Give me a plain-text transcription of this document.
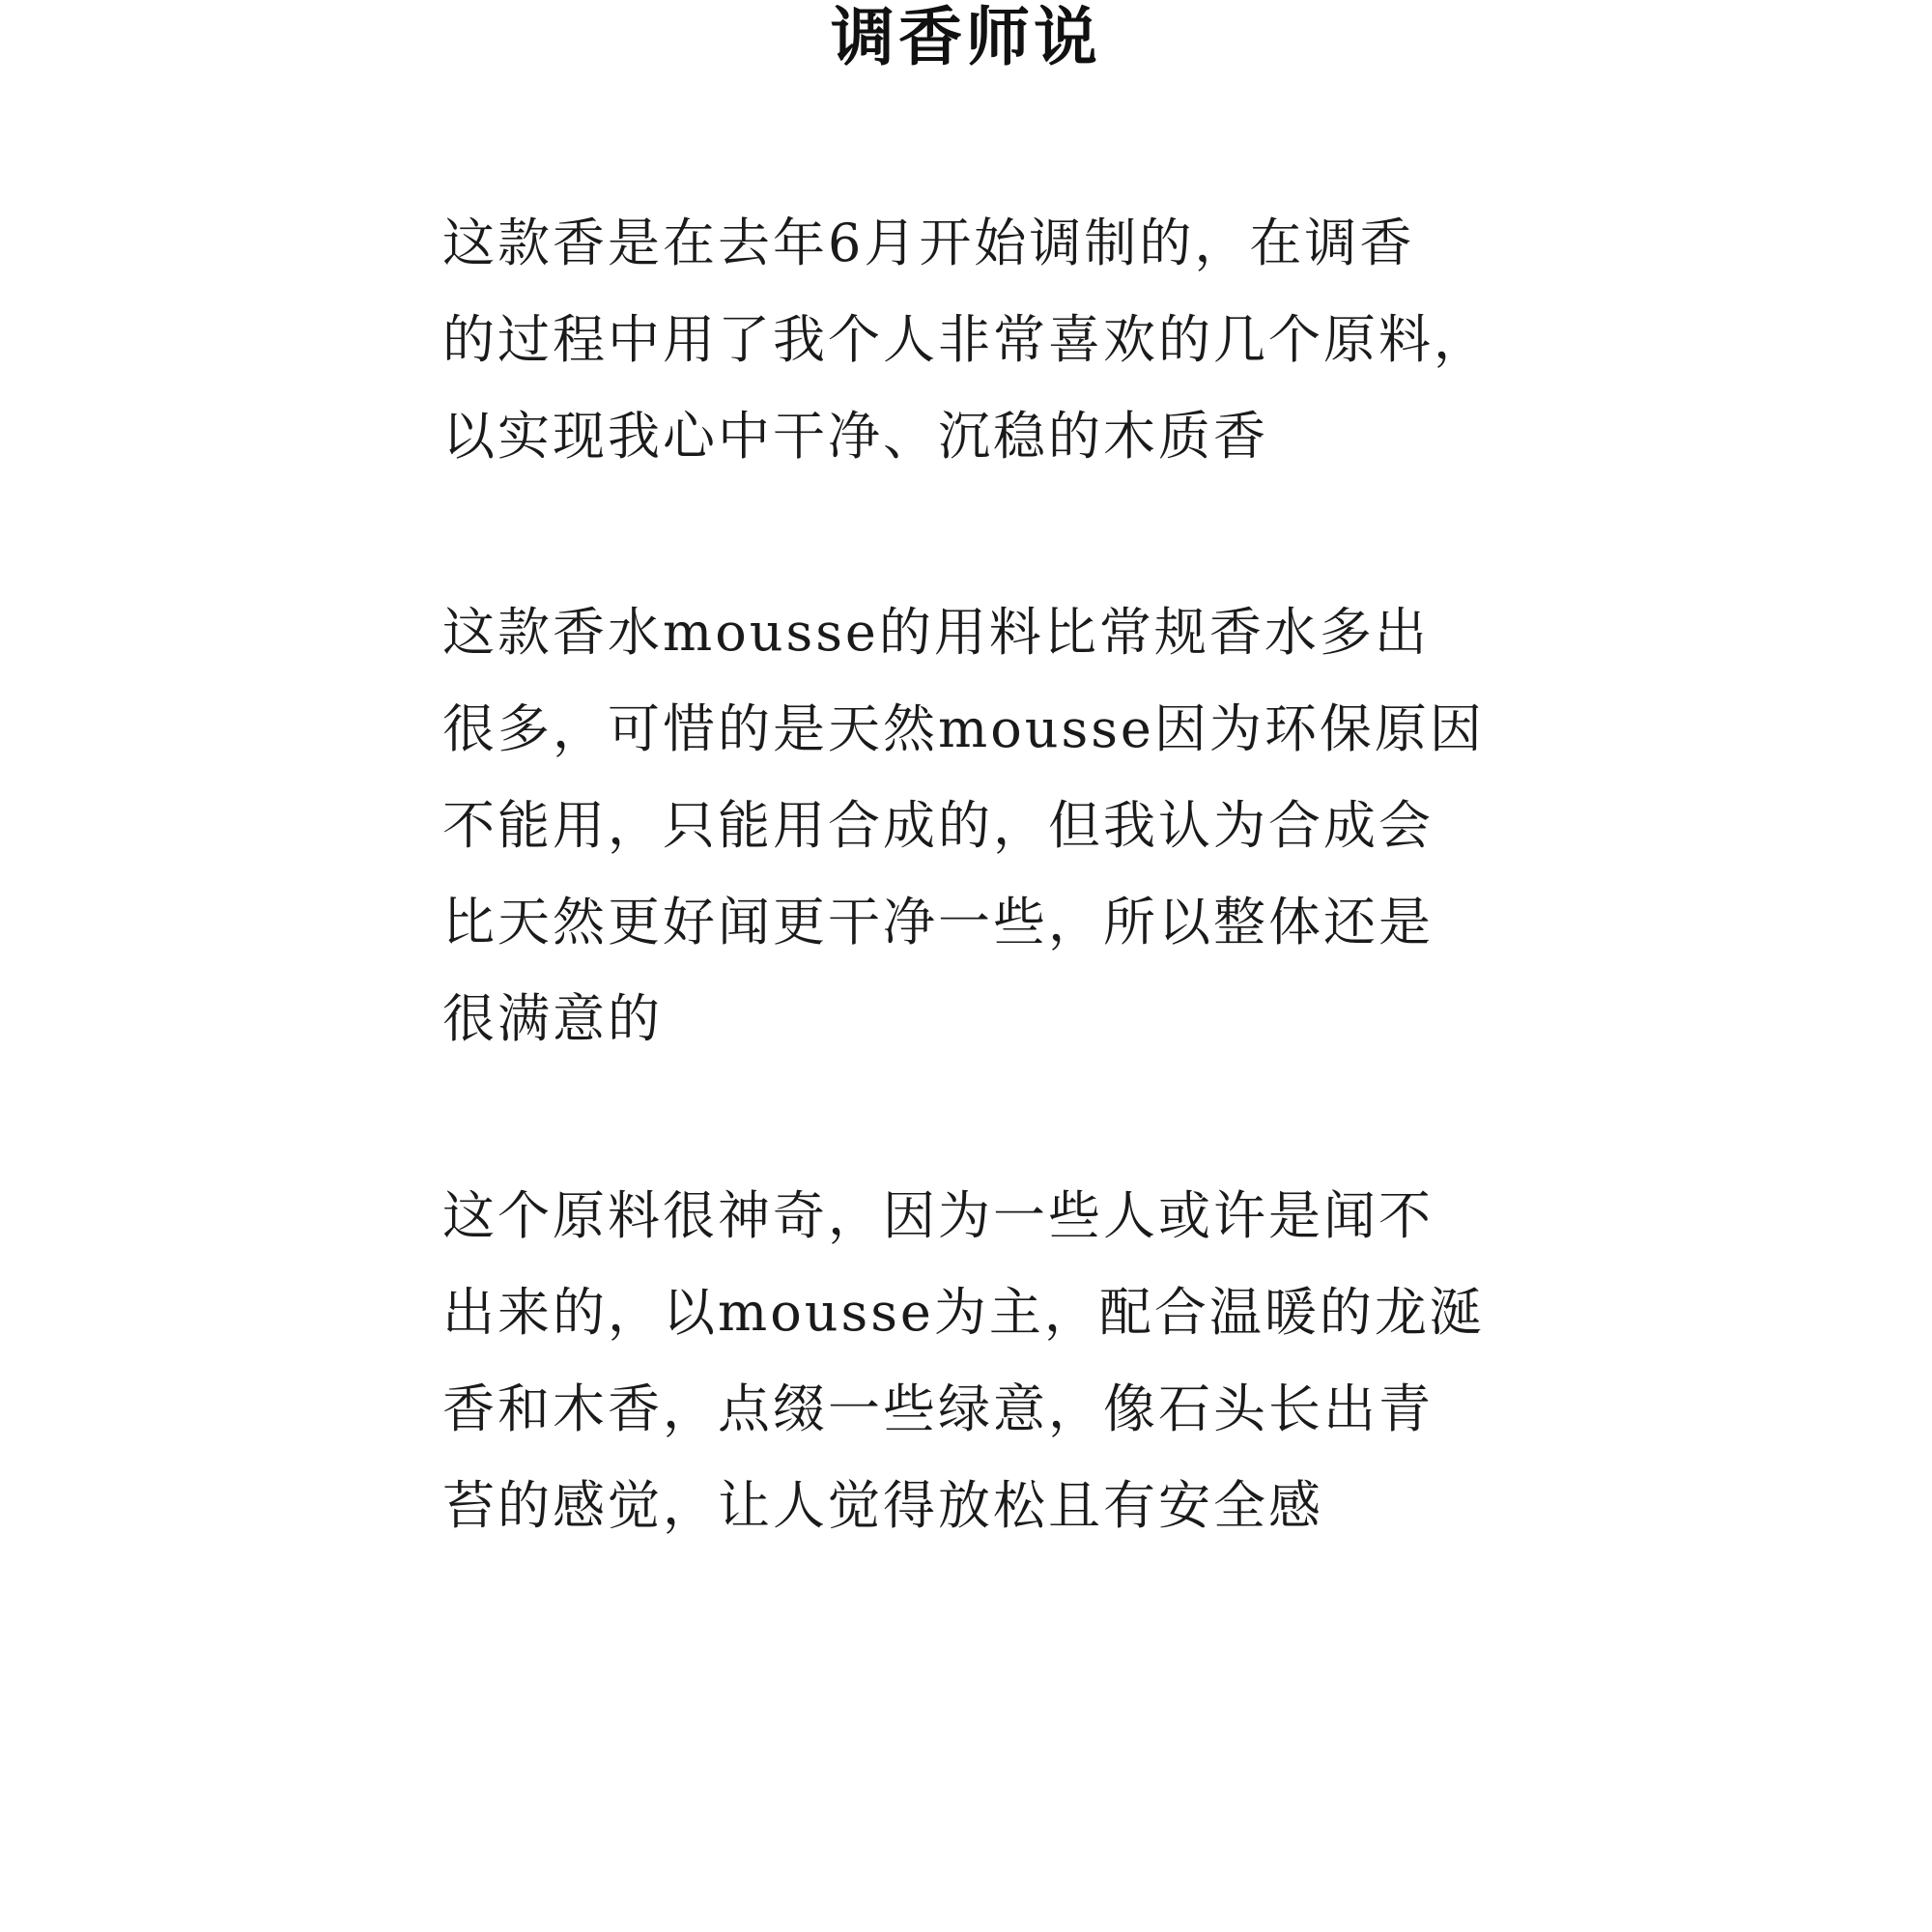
调香师说
这款香是在去年6月开始调制的，在调香
的过程中用了我个人非常喜欢的几个原料，
以实现我心中干净、沉稳的木质香
这款香水mousse的用料比常规香水多出
很多，可惜的是天然mousse因为环保原因
不能用，只能用合成的，但我认为合成会
比天然更好闻更干净一些，所以整体还是
很满意的
这个原料很神奇，因为一些人或许是闻不
出来的，以mousse为主，配合温暖的龙涎
香和木香，点缀一些绿意，像石头长出青
苔的感觉，让人觉得放松且有安全感
